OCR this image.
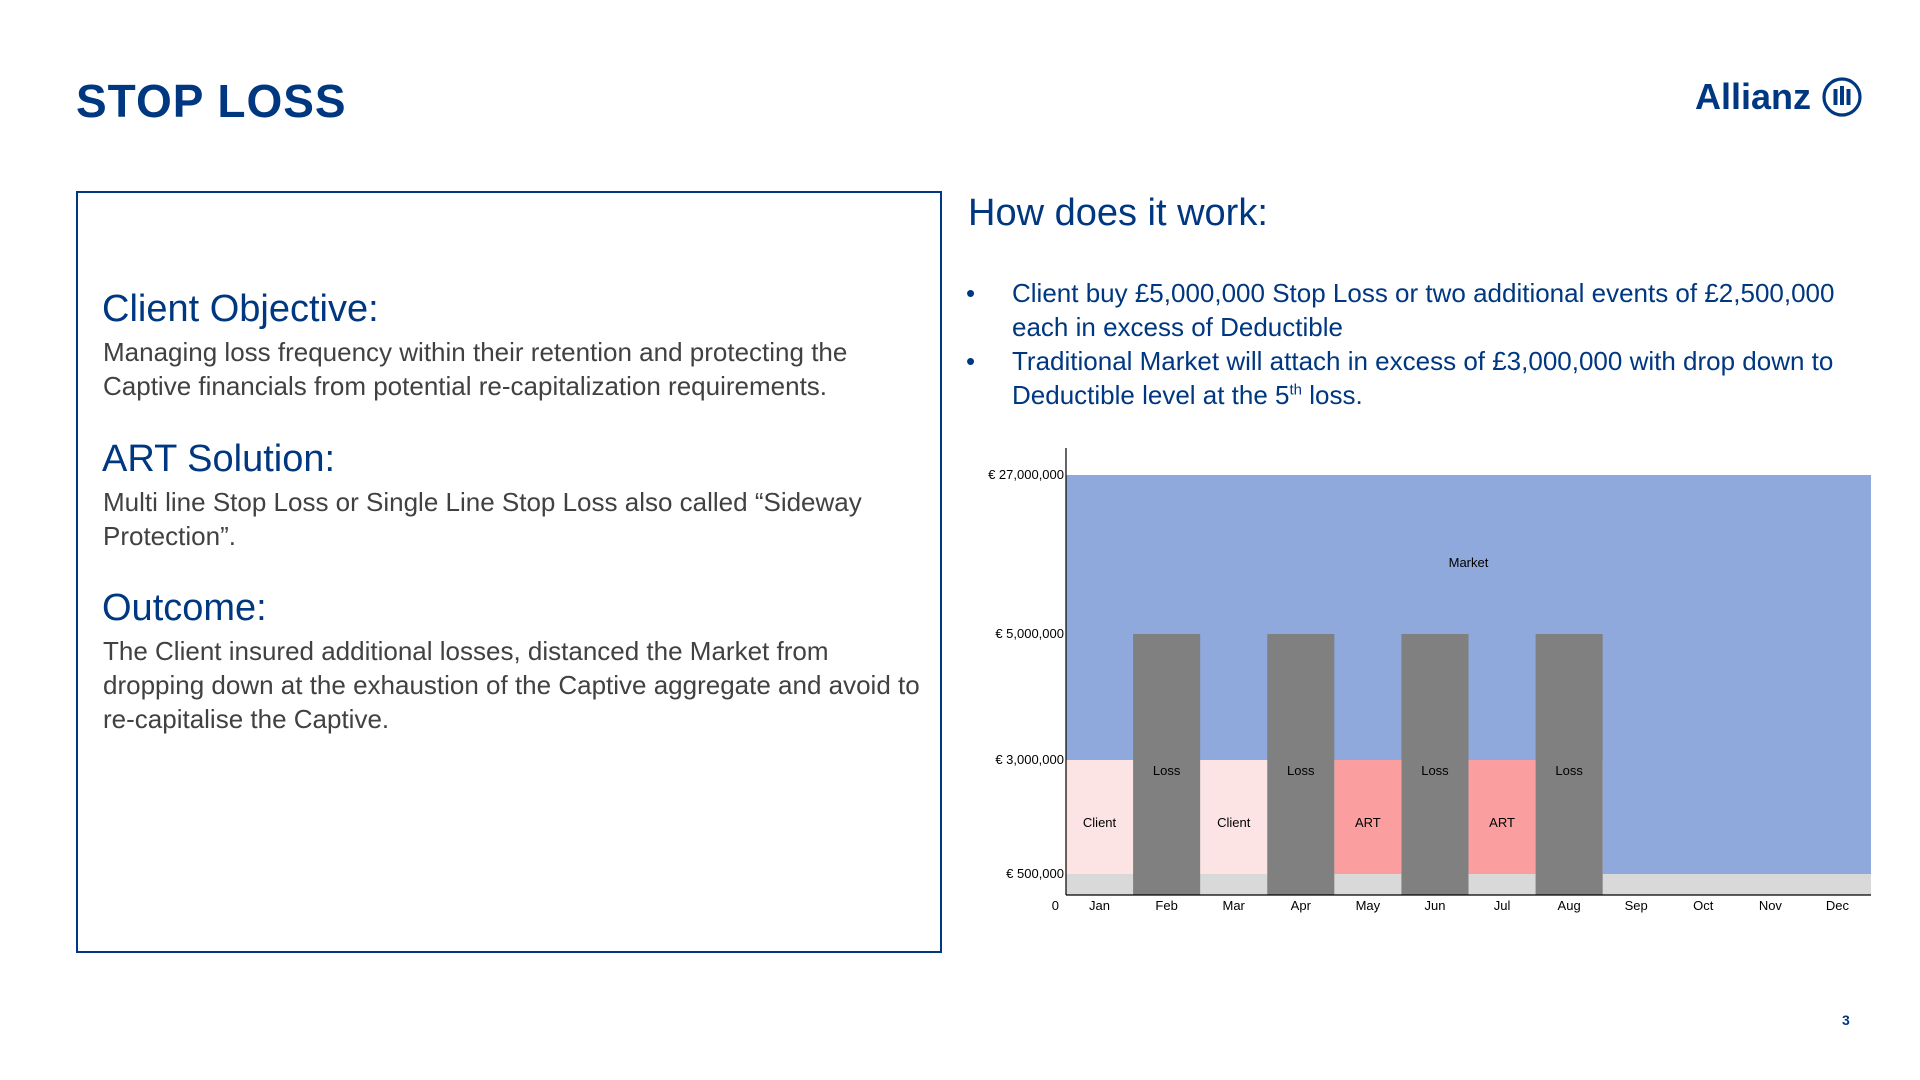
STOP LOSS	Allianz
Client Objective:

Managing loss frequency within their retention and protecting the Captive financials from potential re-capitalization requirements.

ART Solution:

Multi line Stop Loss or Single Line Stop Loss also called “Sideway Protection”.

Outcome:

The Client insured additional losses, distanced the Market from dropping down at the exhaustion of the Captive aggregate and avoid to re-capitalise the Captive.

How does it work:
• Client buy £5,000,000 Stop Loss or two additional events of £2,500,000 each in excess of Deductible
• Traditional Market will attach in excess of £3,000,000 with drop down to Deductible level at the 5th loss.
Market
Client	Client	ART	ART
Loss	Loss	Loss	Loss
€ 500,000
€ 3,000,000
€ 5,000,000
€ 27,000,000
0 Jan	Feb	Mar	Apr	May	Jun	Jul	Aug	Sep	Oct	Nov	Dec
3
